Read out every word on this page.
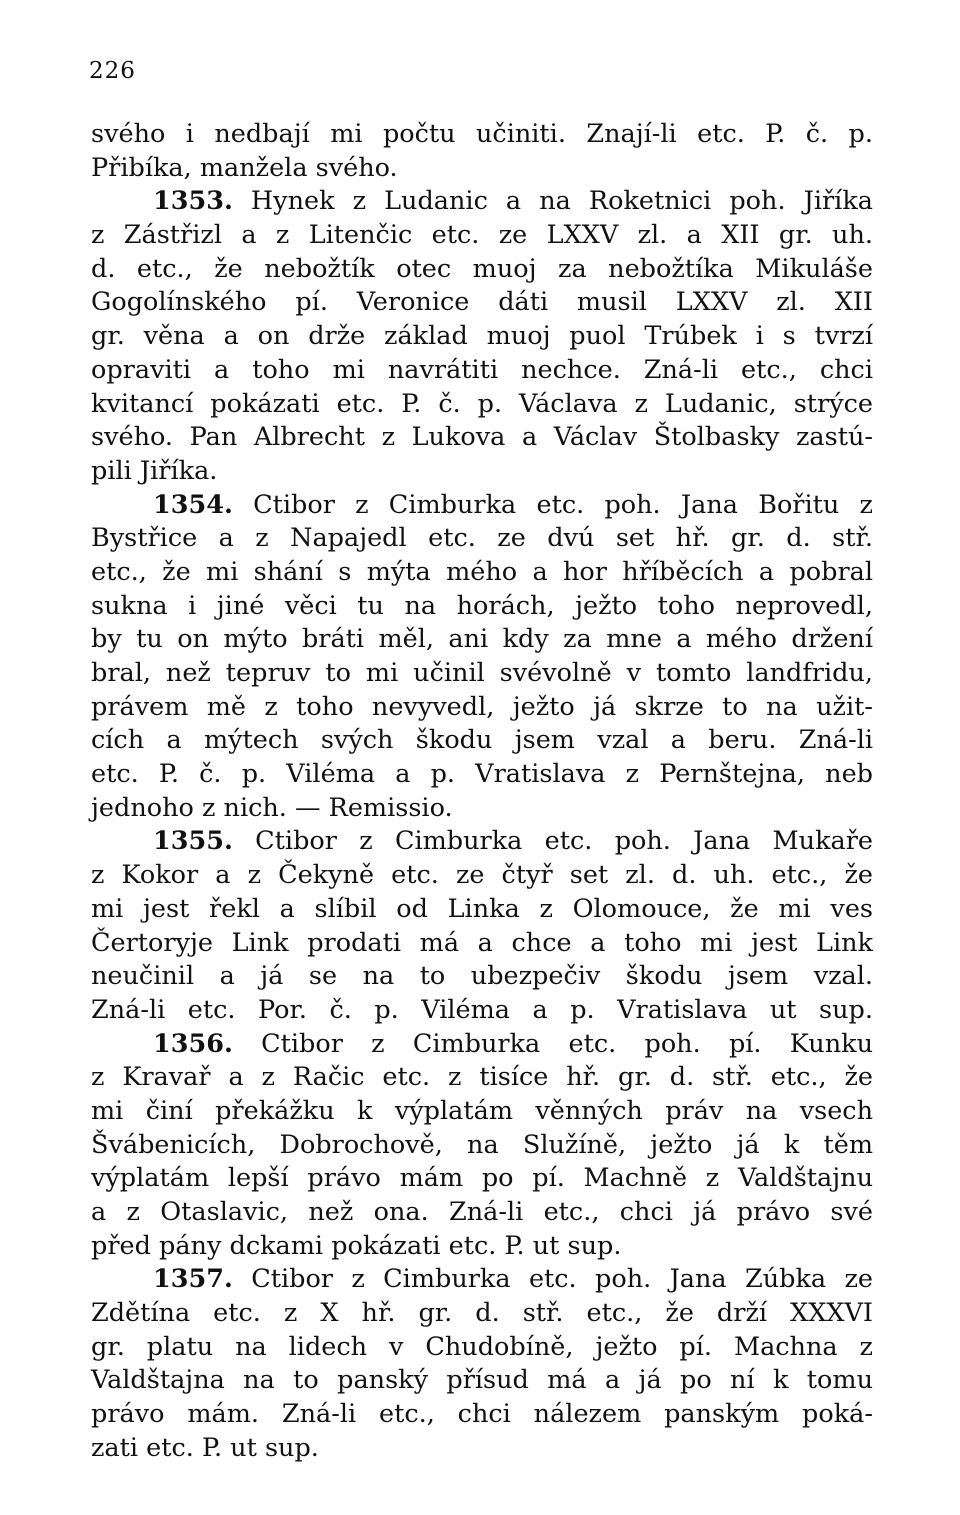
226
svého i nedbají mi počtu učiniti. Znají-li etc. P. č. p.
Přibíka, manžela svého.
1353. Hynek z Ludanic a na Roketnici poh. Jiříka
z Zástřizl a z Litenčic etc. ze LXXV zl. a XII gr. uh.
d. etc., že nebožtík otec muoj za nebožtíka Mikuláše
Gogolínského pí. Veronice dáti musil LXXV zl. XII
gr. věna a on drže základ muoj puol Trúbek i s tvrzí
opraviti a toho mi navrátiti nechce. Zná-li etc., chci
kvitancí pokázati etc. P. č. p. Václava z Ludanic, strýce
svého. Pan Albrecht z Lukova a Václav Štolbasky zastú-
pili Jiříka.
1354. Ctibor z Cimburka etc. poh. Jana Bořitu z
Bystřice a z Napajedl etc. ze dvú set hř. gr. d. stř.
etc., že mi shání s mýta mého a hor hříběcích a pobral
sukna i jiné věci tu na horách, ježto toho neprovedl,
by tu on mýto bráti měl, ani kdy za mne a mého držení
bral, než tepruv to mi učinil svévolně v tomto landfridu,
právem mě z toho nevyvedl, ježto já skrze to na užit-
cích a mýtech svých škodu jsem vzal a beru. Zná-li
etc. P. č. p. Viléma a p. Vratislava z Pernštejna, neb
jednoho z nich. — Remissio.
1355. Ctibor z Cimburka etc. poh. Jana Mukaře
z Kokor a z Čekyně etc. ze čtyř set zl. d. uh. etc., že
mi jest řekl a slíbil od Linka z Olomouce, že mi ves
Čertoryje Link prodati má a chce a toho mi jest Link
neučinil a já se na to ubezpečiv škodu jsem vzal.
Zná-li etc. Por. č. p. Viléma a p. Vratislava ut sup.
1356. Ctibor z Cimburka etc. poh. pí. Kunku
z Kravař a z Račic etc. z tisíce hř. gr. d. stř. etc., že
mi činí překážku k výplatám věnných práv na vsech
Švábenicích, Dobrochově, na Služíně, ježto já k těm
výplatám lepší právo mám po pí. Machně z Valdštajnu
a z Otaslavic, než ona. Zná-li etc., chci já právo své
před pány dckami pokázati etc. P. ut sup.
1357. Ctibor z Cimburka etc. poh. Jana Zúbka ze
Zdětína etc. z X hř. gr. d. stř. etc., že drží XXXVI
gr. platu na lidech v Chudobíně, ježto pí. Machna z
Valdštajna na to panský přísud má a já po ní k tomu
právo mám. Zná-li etc., chci nálezem panským poká-
zati etc. P. ut sup.
